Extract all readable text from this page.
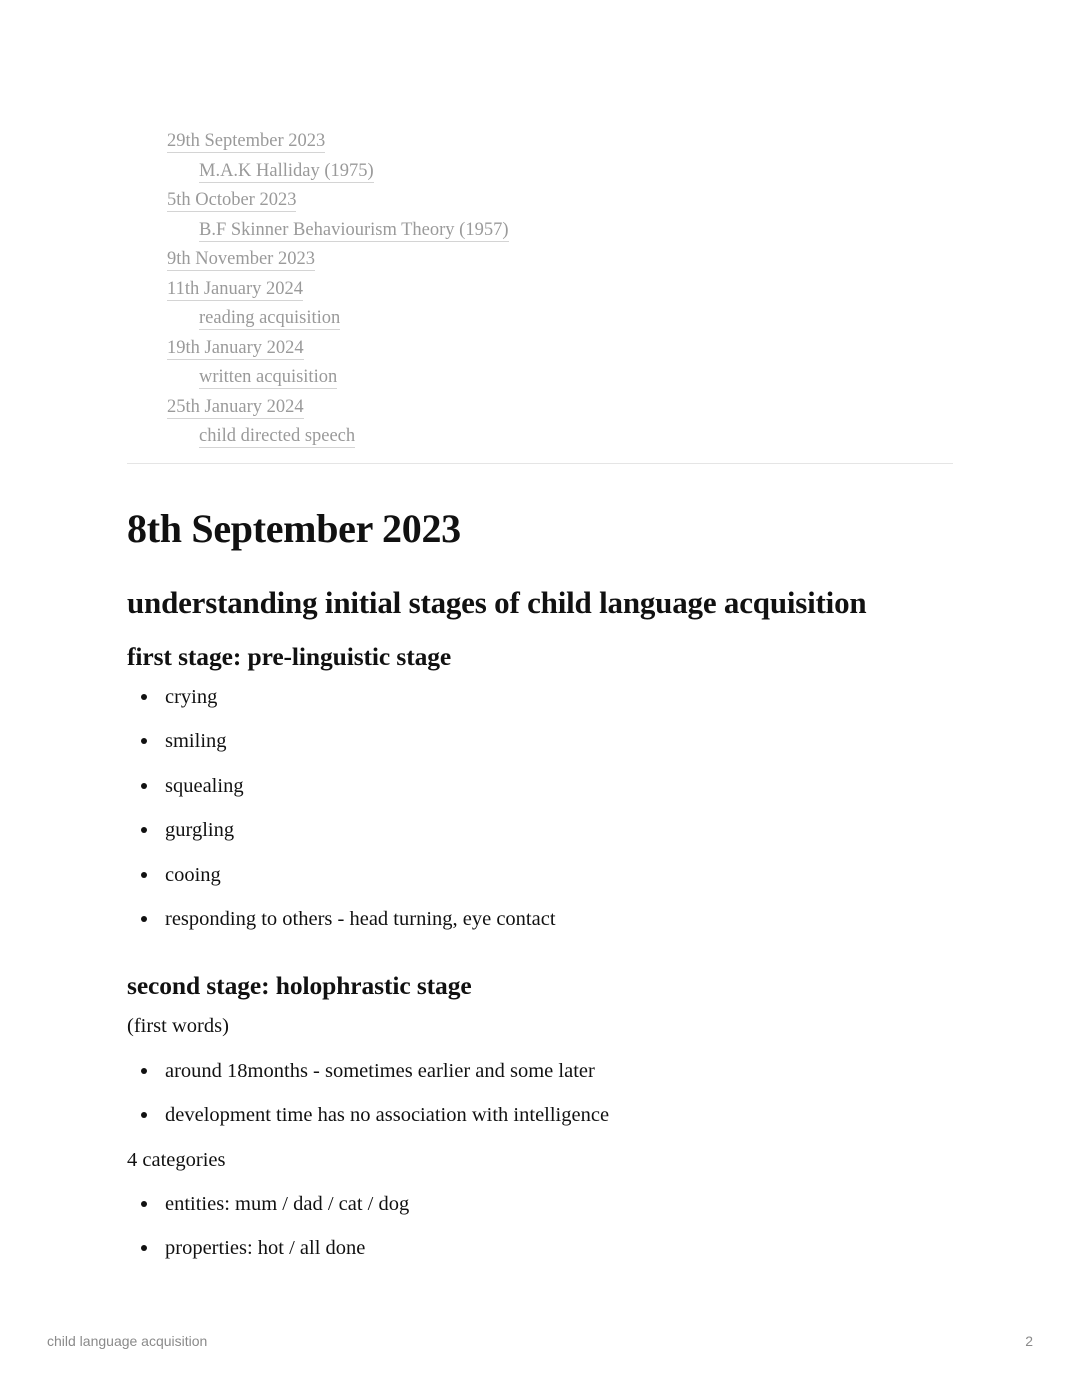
29th September 2023
M.A.K Halliday (1975)
5th October 2023
B.F Skinner Behaviourism Theory (1957)
9th November 2023
11th January 2024
reading acquisition
19th January 2024
written acquisition
25th January 2024
child directed speech
8th September 2023
understanding initial stages of child language acquisition
first stage: pre-linguistic stage
crying
smiling
squealing
gurgling
cooing
responding to others - head turning, eye contact
second stage: holophrastic stage

(first words)

around 18months - sometimes earlier and some later
development time has no association with intelligence

4 categories

entities: mum / dad / cat / dog
properties: hot / all done
child language acquisition	2
